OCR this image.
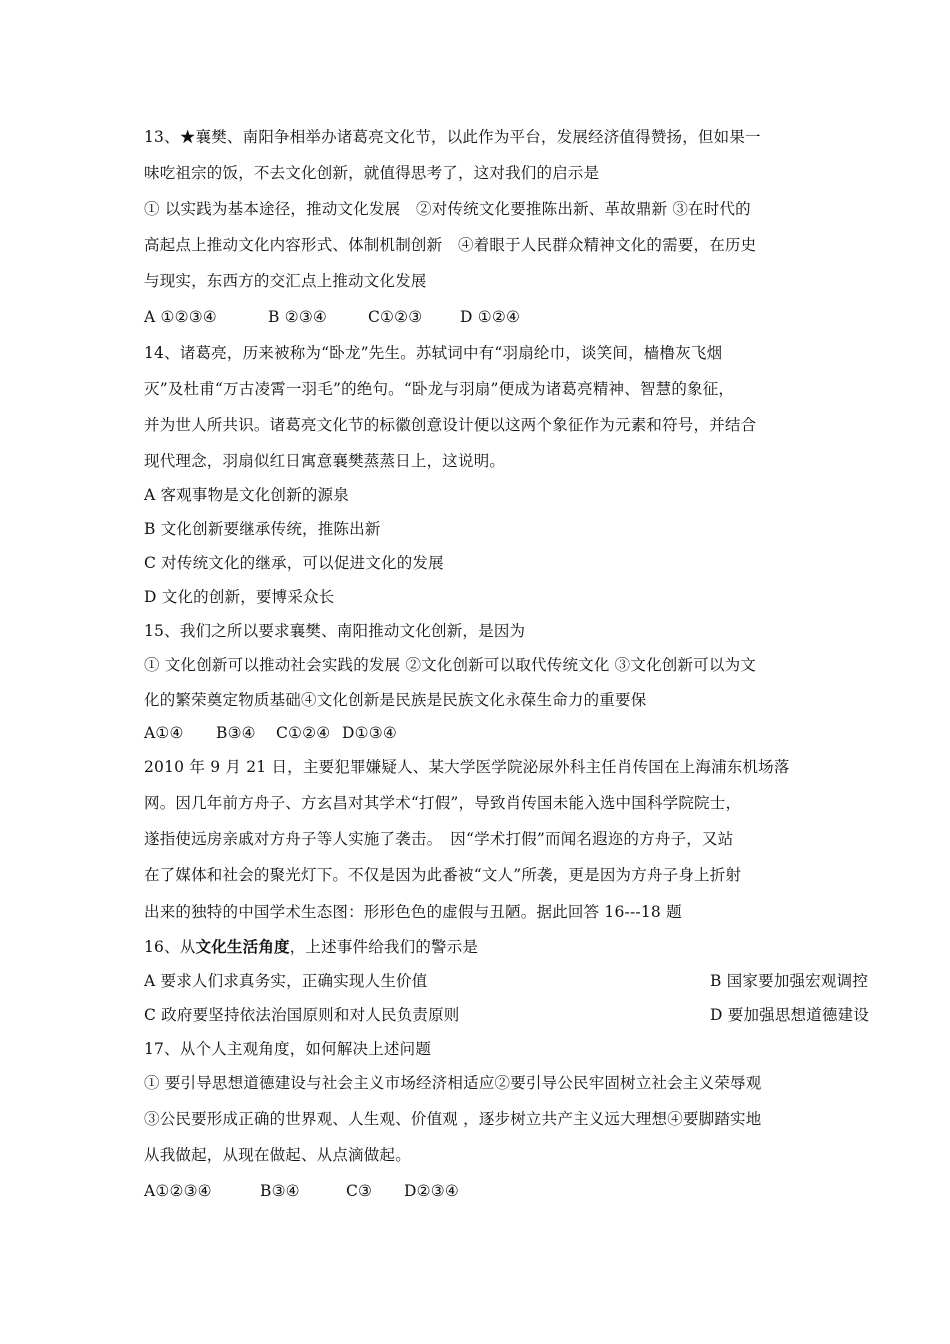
13、★襄樊、南阳争相举办诸葛亮文化节，以此作为平台，发展经济值得赞扬，但如果一
味吃祖宗的饭，不去文化创新，就值得思考了，这对我们的启示是
① 以实践为基本途径，推动文化发展　②对传统文化要推陈出新、革故鼎新 ③在时代的
高起点上推动文化内容形式、体制机制创新　④着眼于人民群众精神文化的需要，在历史
与现实，东西方的交汇点上推动文化发展
A ①②③④	B ②③④	C①②③ D ①②④
14、诸葛亮，历来被称为“卧龙”先生。苏轼词中有“羽扇纶巾，谈笑间，樯橹灰飞烟
灭”及杜甫“万古凌霄一羽毛”的绝句。“卧龙与羽扇”便成为诸葛亮精神、智慧的象征，
并为世人所共识。诸葛亮文化节的标徽创意设计便以这两个象征作为元素和符号，并结合
现代理念，羽扇似红日寓意襄樊蒸蒸日上，这说明。
A 客观事物是文化创新的源泉
B 文化创新要继承传统，推陈出新
C 对传统文化的继承，可以促进文化的发展
D 文化的创新，要博采众长
15、我们之所以要求襄樊、南阳推动文化创新，是因为
① 文化创新可以推动社会实践的发展 ②文化创新可以取代传统文化 ③文化创新可以为文
化的繁荣奠定物质基础④文化创新是民族是民族文化永葆生命力的重要保
A①④ B③④ C①②④ D①③④
2010 年 9 月 21 日，主要犯罪嫌疑人、某大学医学院泌尿外科主任肖传国在上海浦东机场落
网。因几年前方舟子、方玄昌对其学术“打假”，导致肖传国未能入选中国科学院院士，
遂指使远房亲戚对方舟子等人实施了袭击。　因“学术打假”而闻名遐迩的方舟子，又站
在了媒体和社会的聚光灯下。不仅是因为此番被“文人”所袭，更是因为方舟子身上折射
出来的独特的中国学术生态图：形形色色的虚假与丑陋。据此回答 16---18 题
16、从文化生活角度，上述事件给我们的警示是
A 要求人们求真务实，正确实现人生价值	B 国家要加强宏观调控
C 政府要坚持依法治国原则和对人民负责原则	D 要加强思想道德建设
17、从个人主观角度，如何解决上述问题
① 要引导思想道德建设与社会主义市场经济相适应②要引导公民牢固树立社会主义荣辱观
③公民要形成正确的世界观、人生观、价值观 ，逐步树立共产主义远大理想④要脚踏实地
从我做起，从现在做起、从点滴做起。
A①②③④	B③④	C③ D②③④
